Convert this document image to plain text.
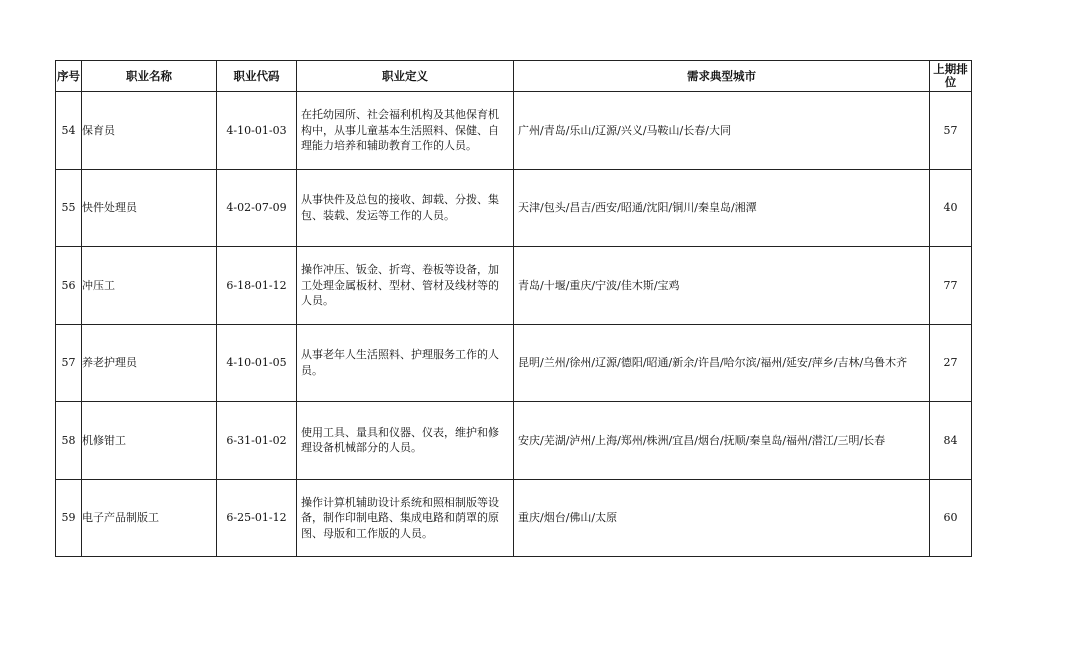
序号	职业名称	职业代码	职业定义	需求典型城市	上期排位

54	保育员	4-10-01-03	在托幼园所、社会福利机构及其他保育机构中，从事儿童基本生活照料、保健、自理能力培养和辅助教育工作的人员。	广州/青岛/乐山/辽源/兴义/马鞍山/长春/大同	57
55	快件处理员	4-02-07-09	从事快件及总包的接收、卸载、分拨、集包、装载、发运等工作的人员。	天津/包头/昌吉/西安/昭通/沈阳/铜川/秦皇岛/湘潭	40
56	冲压工	6-18-01-12	操作冲压、钣金、折弯、卷板等设备，加工处理金属板材、型材、管材及线材等的人员。	青岛/十堰/重庆/宁波/佳木斯/宝鸡	77
57	养老护理员	4-10-01-05	从事老年人生活照料、护理服务工作的人员。	昆明/兰州/徐州/辽源/德阳/昭通/新余/许昌/哈尔滨/福州/延安/萍乡/吉林/乌鲁木齐	27
58	机修钳工	6-31-01-02	使用工具、量具和仪器、仪表，维护和修理设备机械部分的人员。	安庆/芜湖/泸州/上海/郑州/株洲/宜昌/烟台/抚顺/秦皇岛/福州/潜江/三明/长春	84
59	电子产品制版工	6-25-01-12	操作计算机辅助设计系统和照相制版等设备，制作印制电路、集成电路和荫罩的原图、母版和工作版的人员。	重庆/烟台/佛山/太原	60
